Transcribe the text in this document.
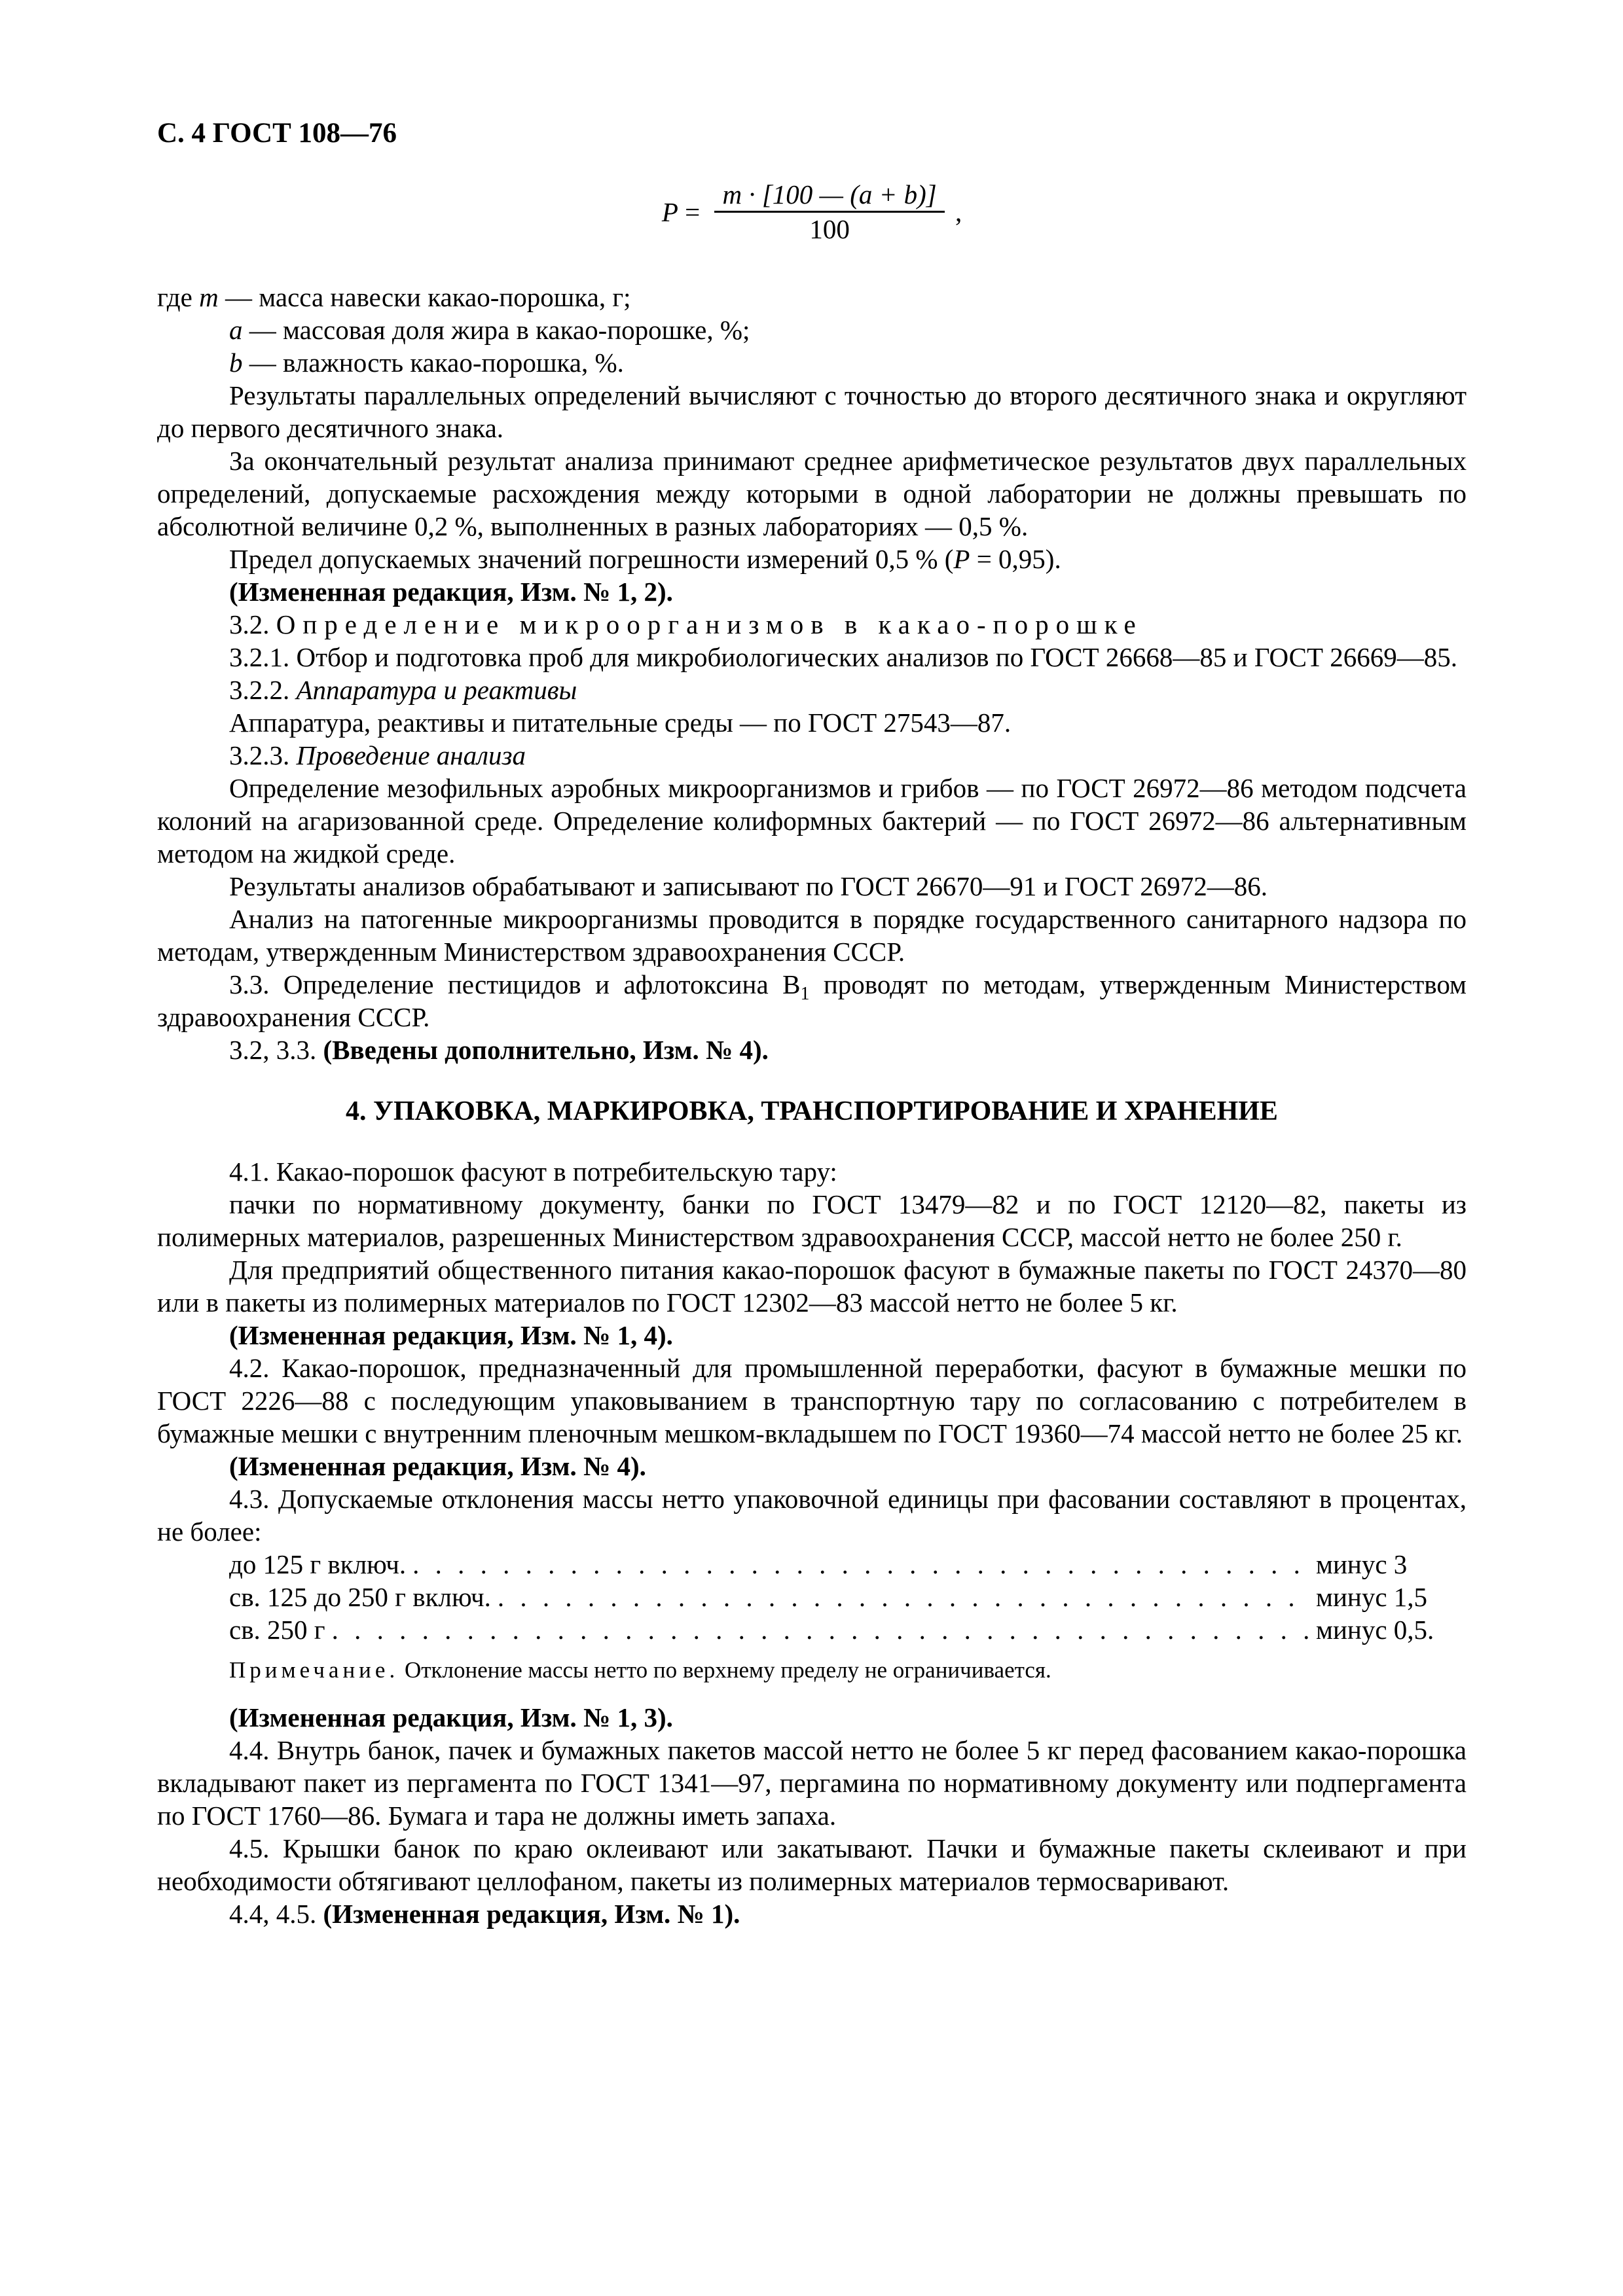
С. 4 ГОСТ 108—76
$P = \frac{m \cdot [100 — (a + b)]}{100}$ ,

где m — масса навески какао-порошка, г;

a — массовая доля жира в какао-порошке, %;

b — влажность какао-порошка, %.

Результаты параллельных определений вычисляют с точностью до второго десятичного знака и округляют до первого десятичного знака.

За окончательный результат анализа принимают среднее арифметическое результатов двух параллельных определений, допускаемые расхождения между которыми в одной лаборатории не должны превышать по абсолютной величине 0,2 %, выполненных в разных лабораториях — 0,5 %.

Предел допускаемых значений погрешности измерений 0,5 % (P = 0,95).

(Измененная редакция, Изм. № 1, 2).

3.2. Определение микроорганизмов в какао-порошке

3.2.1. Отбор и подготовка проб для микробиологических анализов по ГОСТ 26668—85 и ГОСТ 26669—85.

3.2.2. Аппаратура и реактивы

Аппаратура, реактивы и питательные среды — по ГОСТ 27543—87.

3.2.3. Проведение анализа

Определение мезофильных аэробных микроорганизмов и грибов — по ГОСТ 26972—86 методом подсчета колоний на агаризованной среде. Определение колиформных бактерий — по ГОСТ 26972—86 альтернативным методом на жидкой среде.

Результаты анализов обрабатывают и записывают по ГОСТ 26670—91 и ГОСТ 26972—86.

Анализ на патогенные микроорганизмы проводится в порядке государственного санитарного надзора по методам, утвержденным Министерством здравоохранения СССР.

3.3. Определение пестицидов и афлотоксина $B_1$ проводят по методам, утвержденным Министерством здравоохранения СССР.

3.2, 3.3. (Введены дополнительно, Изм. № 4).

4. УПАКОВКА, МАРКИРОВКА, ТРАНСПОРТИРОВАНИЕ И ХРАНЕНИЕ

4.1. Какао-порошок фасуют в потребительскую тару:

пачки по нормативному документу, банки по ГОСТ 13479—82 и по ГОСТ 12120—82, пакеты из полимерных материалов, разрешенных Министерством здравоохранения СССР, массой нетто не более 250 г.

Для предприятий общественного питания какао-порошок фасуют в бумажные пакеты по ГОСТ 24370—80 или в пакеты из полимерных материалов по ГОСТ 12302—83 массой нетто не более 5 кг.

(Измененная редакция, Изм. № 1, 4).

4.2. Какао-порошок, предназначенный для промышленной переработки, фасуют в бумажные мешки по ГОСТ 2226—88 с последующим упаковыванием в транспортную тару по согласованию с потребителем в бумажные мешки с внутренним пленочным мешком-вкладышем по ГОСТ 19360—74 массой нетто не более 25 кг.

(Измененная редакция, Изм. № 4).

4.3. Допускаемые отклонения массы нетто упаковочной единицы при фасовании составляют в процентах, не более:

до 125 г включ. . . .	минус 3
св. 125 до 250 г включ. . . .	минус 1,5
св. 250 г . . .	минус 0,5.

Примечание. Отклонение массы нетто по верхнему пределу не ограничивается.

(Измененная редакция, Изм. № 1, 3).

4.4. Внутрь банок, пачек и бумажных пакетов массой нетто не более 5 кг перед фасованием какао-порошка вкладывают пакет из пергамента по ГОСТ 1341—97, пергамина по нормативному документу или подпергамента по ГОСТ 1760—86. Бумага и тара не должны иметь запаха.

4.5. Крышки банок по краю оклеивают или закатывают. Пачки и бумажные пакеты склеивают и при необходимости обтягивают целлофаном, пакеты из полимерных материалов термосваривают.

4.4, 4.5. (Измененная редакция, Изм. № 1).
